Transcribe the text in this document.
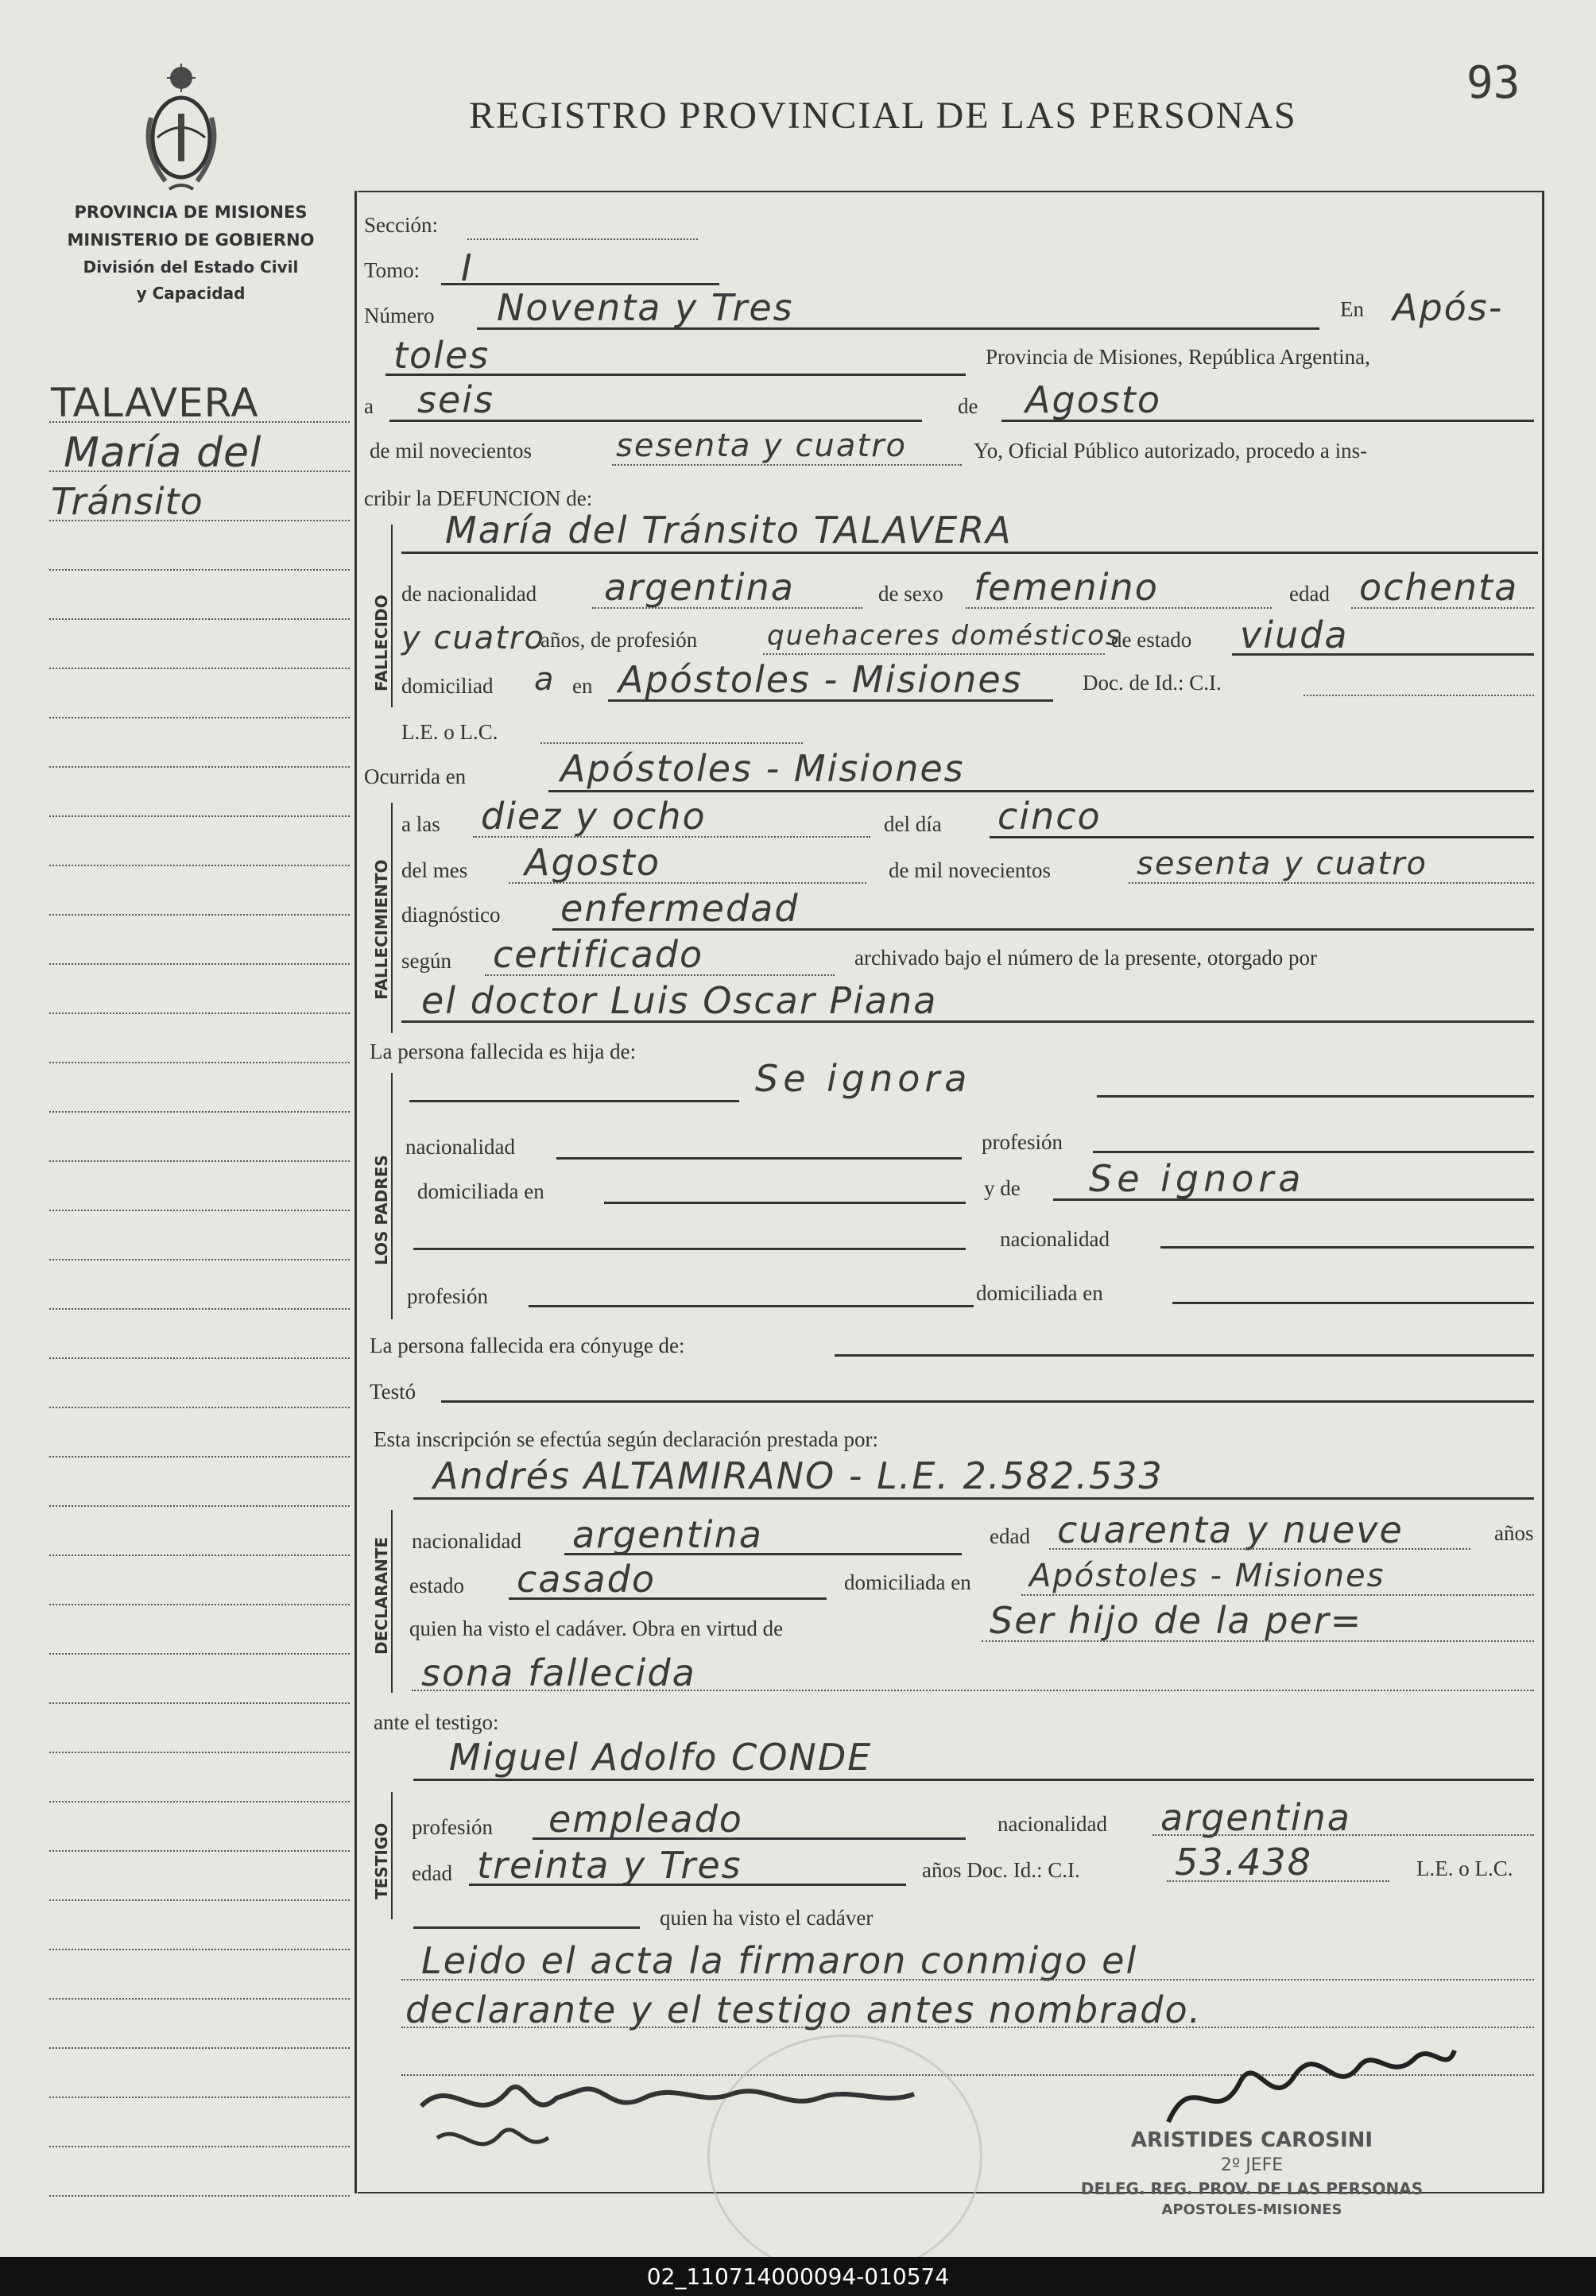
93
REGISTRO PROVINCIAL DE LAS PERSONAS
PROVINCIA DE MISIONES
MINISTERIO DE GOBIERNO
División del Estado Civil
y Capacidad
TALAVERA
María del
Tránsito
Sección:
Tomo: I
Número Noventa y Tres	En Após-
toles	Provincia de Misiones, República Argentina,
a seis	de Agosto
de mil novecientos	sesenta y cuatro	Yo, Oficial Público autorizado, procedo a ins-
cribir la DEFUNCION de:
FALLECIDO
María del Tránsito TALAVERA
de nacionalidad argentina	de sexo femenino	edad ochenta
y cuatro
años, de profesión	quehaceres domésticos
de estado viuda
domiciliad a en Apóstoles - Misiones	Doc. de Id.: C.I.
L.E. o L.C.
Ocurrida en	Apóstoles - Misiones
FALLECIMIENTO
a las diez y ocho	del día cinco
del mes Agosto	de mil novecientos	sesenta y cuatro
diagnóstico enfermedad
según certificado	archivado bajo el número de la presente, otorgado por
el doctor Luis Oscar Piana
La persona fallecida es hija de:
LOS PADRES
Se ignora
nacionalidad	profesión
domiciliada en	y de Se ignora
nacionalidad
profesión	domiciliada en
La persona fallecida era cónyuge de:
Testó
Esta inscripción se efectúa según declaración prestada por:
Andrés ALTAMIRANO - L.E. 2.582.533
DECLARANTE nacionalidad argentina	edad cuarenta y nueve	años
estado casado	domiciliada en Apóstoles - Misiones
quien ha visto el cadáver. Obra en virtud de	Ser hijo de la per=
sona fallecida
ante el testigo:
Miguel Adolfo CONDE
TESTIGO profesión empleado	nacionalidad argentina
edad treinta y Tres	años Doc. Id.: C.I.	53.438	L.E. o L.C.
quien ha visto el cadáver
Leido el acta la firmaron conmigo el
declarante y el testigo antes nombrado.
ARISTIDES CAROSINI
2º JEFE
DELEG. REG. PROV. DE LAS PERSONAS
APOSTOLES-MISIONES
02_110714000094-010574
